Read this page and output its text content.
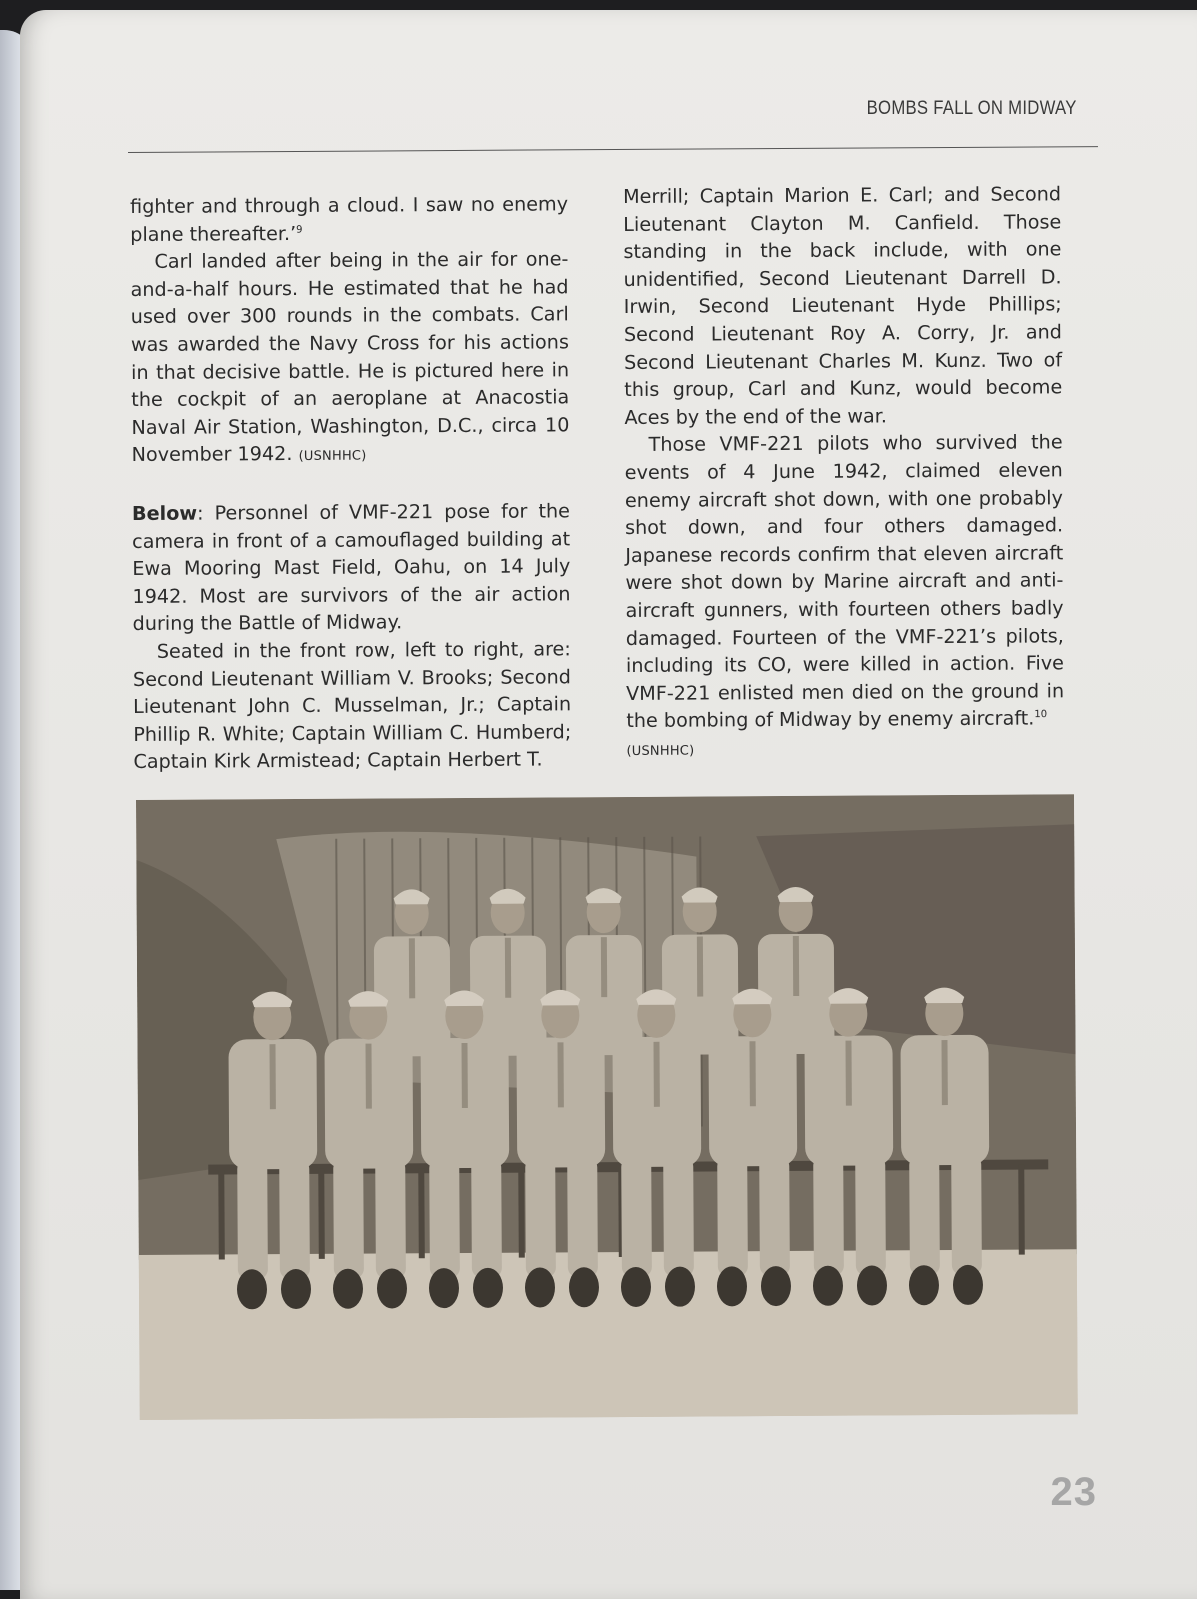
BOMBS FALL ON MIDWAY

fighter and through a cloud. I saw no enemy plane thereafter.’$^9$

Carl landed after being in the air for one-and-a-half hours. He estimated that he had used over 300 rounds in the combats. Carl was awarded the Navy Cross for his actions in that decisive battle. He is pictured here in the cockpit of an aeroplane at Anacostia Naval Air Station, Washington, D.C., circa 10 November 1942. (USNHHC)

Below: Personnel of VMF-221 pose for the camera in front of a camouflaged building at Ewa Mooring Mast Field, Oahu, on 14 July 1942. Most are survivors of the air action during the Battle of Midway.

Seated in the front row, left to right, are: Second Lieutenant William V. Brooks; Second Lieutenant John C. Musselman, Jr.; Captain Phillip R. White; Captain William C. Humberd; Captain Kirk Armistead; Captain Herbert T.

Merrill; Captain Marion E. Carl; and Second Lieutenant Clayton M. Canfield. Those standing in the back include, with one unidentified, Second Lieutenant Darrell D. Irwin, Second Lieutenant Hyde Phillips; Second Lieutenant Roy A. Corry, Jr. and Second Lieutenant Charles M. Kunz. Two of this group, Carl and Kunz, would become Aces by the end of the war.

Those VMF-221 pilots who survived the events of 4 June 1942, claimed eleven enemy aircraft shot down, with one probably shot down, and four others damaged. Japanese records confirm that eleven aircraft were shot down by Marine aircraft and anti-aircraft gunners, with fourteen others badly damaged. Fourteen of the VMF-221’s pilots, including its CO, were killed in action. Five VMF-221 enlisted men died on the ground in the bombing of Midway by enemy aircraft.$^{10}$
(USNHHC)

23
